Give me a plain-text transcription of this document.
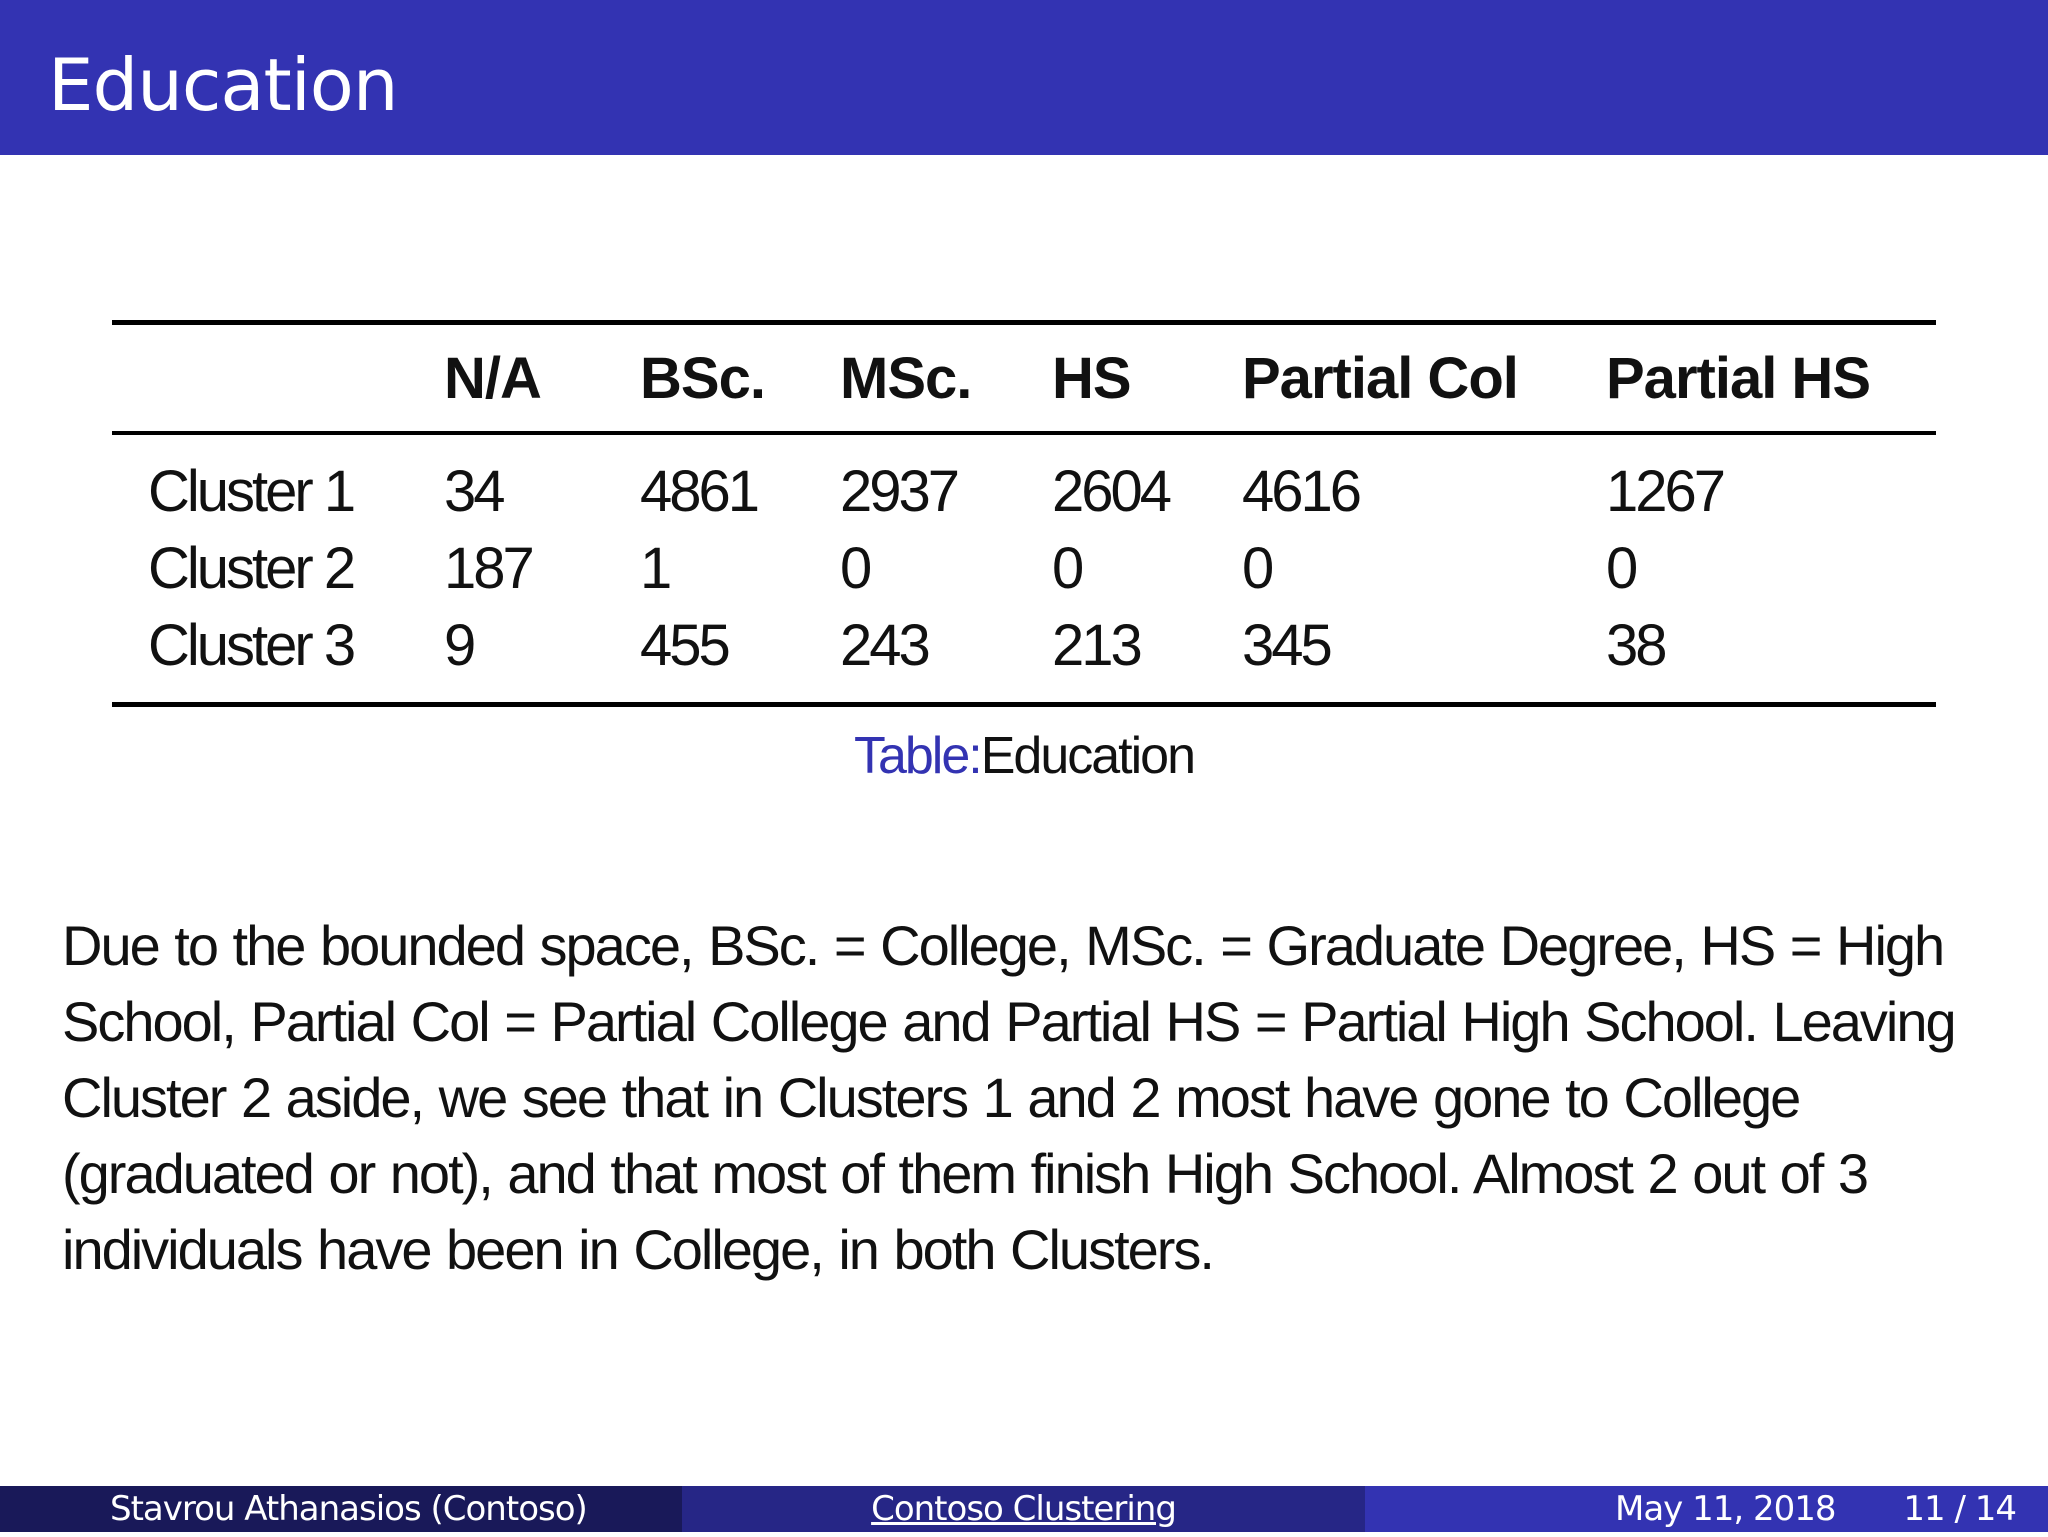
Education
	N/A	BSc.	MSc.	HS	Partial Col	Partial HS
Cluster 1	34	4861	2937	2604	4616	1267
Cluster 2	187	1	0	0	0	0
Cluster 3	9	455	243	213	345	38
Table:Education
Due to the bounded space, BSc. = College, MSc. = Graduate Degree, HS = High School, Partial Col = Partial College and Partial HS = Partial High School. Leaving Cluster 2 aside, we see that in Clusters 1 and 2 most have gone to College (graduated or not), and that most of them finish High School. Almost 2 out of 3 individuals have been in College, in both Clusters.
Stavrou Athanasios (Contoso)	Contoso Clustering	May 11, 2018 11 / 14
